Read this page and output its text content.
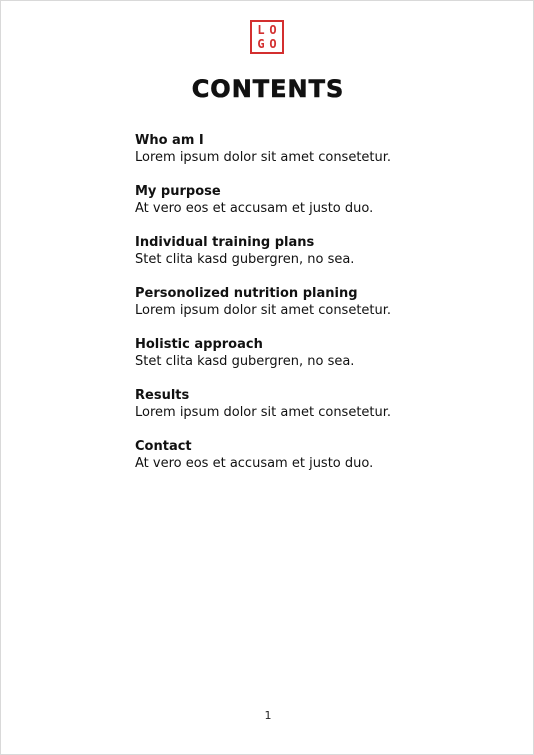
L O
G O
CONTENTS
Who am I
Lorem ipsum dolor sit amet consetetur.
My purpose
At vero eos et accusam et justo duo.
Individual training plans
Stet clita kasd gubergren, no sea.
Personolized nutrition planing
Lorem ipsum dolor sit amet consetetur.
Holistic approach
Stet clita kasd gubergren, no sea.
Results
Lorem ipsum dolor sit amet consetetur.
Contact
At vero eos et accusam et justo duo.
1
